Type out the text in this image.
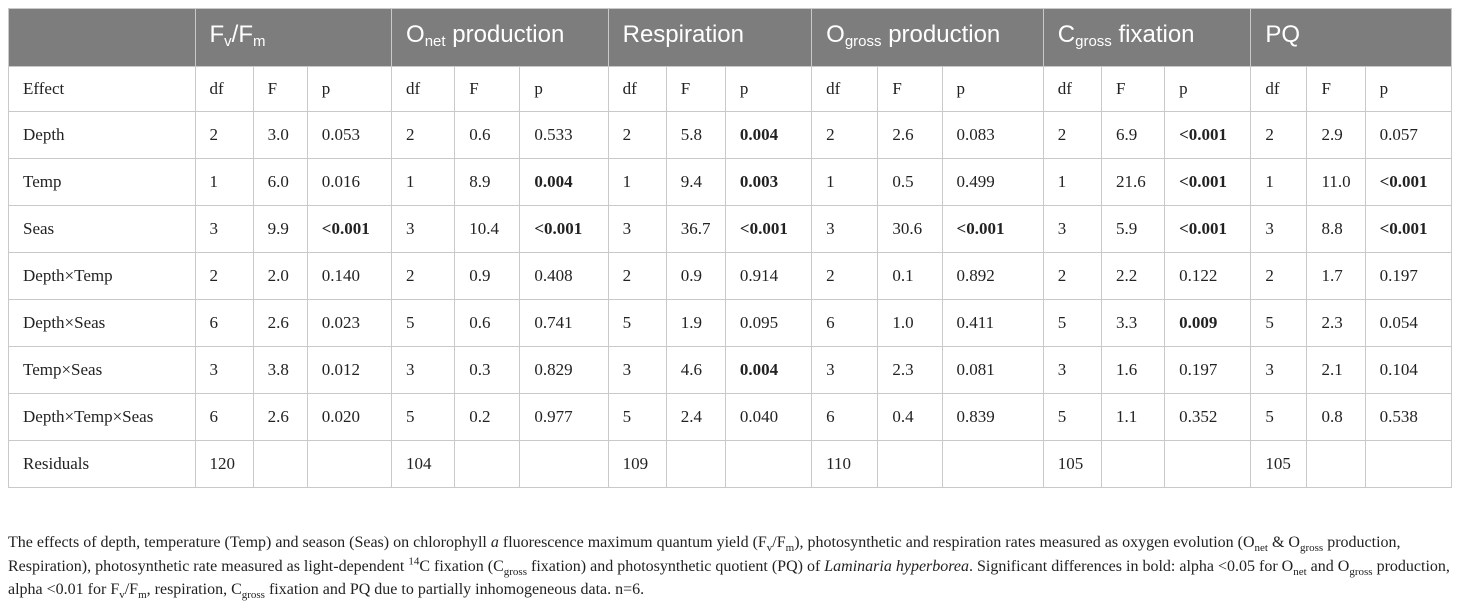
	$F_v/F_m$			$O_{net}$ production			Respiration			$O_{gross}$ production			$C_{gross}$ fixation			PQ		
Effect	df	F	p	df	F	p	df	F	p	df	F	p	df	F	p	df	F	p
Depth	2	3.0	0.053	2	0.6	0.533	2	5.8	0.004	2	2.6	0.083	2	6.9	<0.001	2	2.9	0.057
Temp	1	6.0	0.016	1	8.9	0.004	1	9.4	0.003	1	0.5	0.499	1	21.6	<0.001	1	11.0	<0.001
Seas	3	9.9	<0.001	3	10.4	<0.001	3	36.7	<0.001	3	30.6	<0.001	3	5.9	<0.001	3	8.8	<0.001
Depth×Temp	2	2.0	0.140	2	0.9	0.408	2	0.9	0.914	2	0.1	0.892	2	2.2	0.122	2	1.7	0.197
Depth×Seas	6	2.6	0.023	5	0.6	0.741	5	1.9	0.095	6	1.0	0.411	5	3.3	0.009	5	2.3	0.054
Temp×Seas	3	3.8	0.012	3	0.3	0.829	3	4.6	0.004	3	2.3	0.081	3	1.6	0.197	3	2.1	0.104
Depth×Temp×Seas	6	2.6	0.020	5	0.2	0.977	5	2.4	0.040	6	0.4	0.839	5	1.1	0.352	5	0.8	0.538
Residuals	120			104			109			110			105			105		
The effects of depth, temperature (Temp) and season (Seas) on chlorophyll a fluorescence maximum quantum yield $(F_v/F_m)$, photosynthetic and respiration rates measured as oxygen evolution ($O_{net}$ & $O_{gross}$ production, Respiration), photosynthetic rate measured as light-dependent $^{14}$C fixation ($C_{gross}$ fixation) and photosynthetic quotient (PQ) of Laminaria hyperborea. Significant differences in bold: alpha <0.05 for $O_{net}$ and $O_{gross}$ production, alpha <0.01 for $F_v/F_m$, respiration, $C_{gross}$ fixation and PQ due to partially inhomogeneous data. n=6.
